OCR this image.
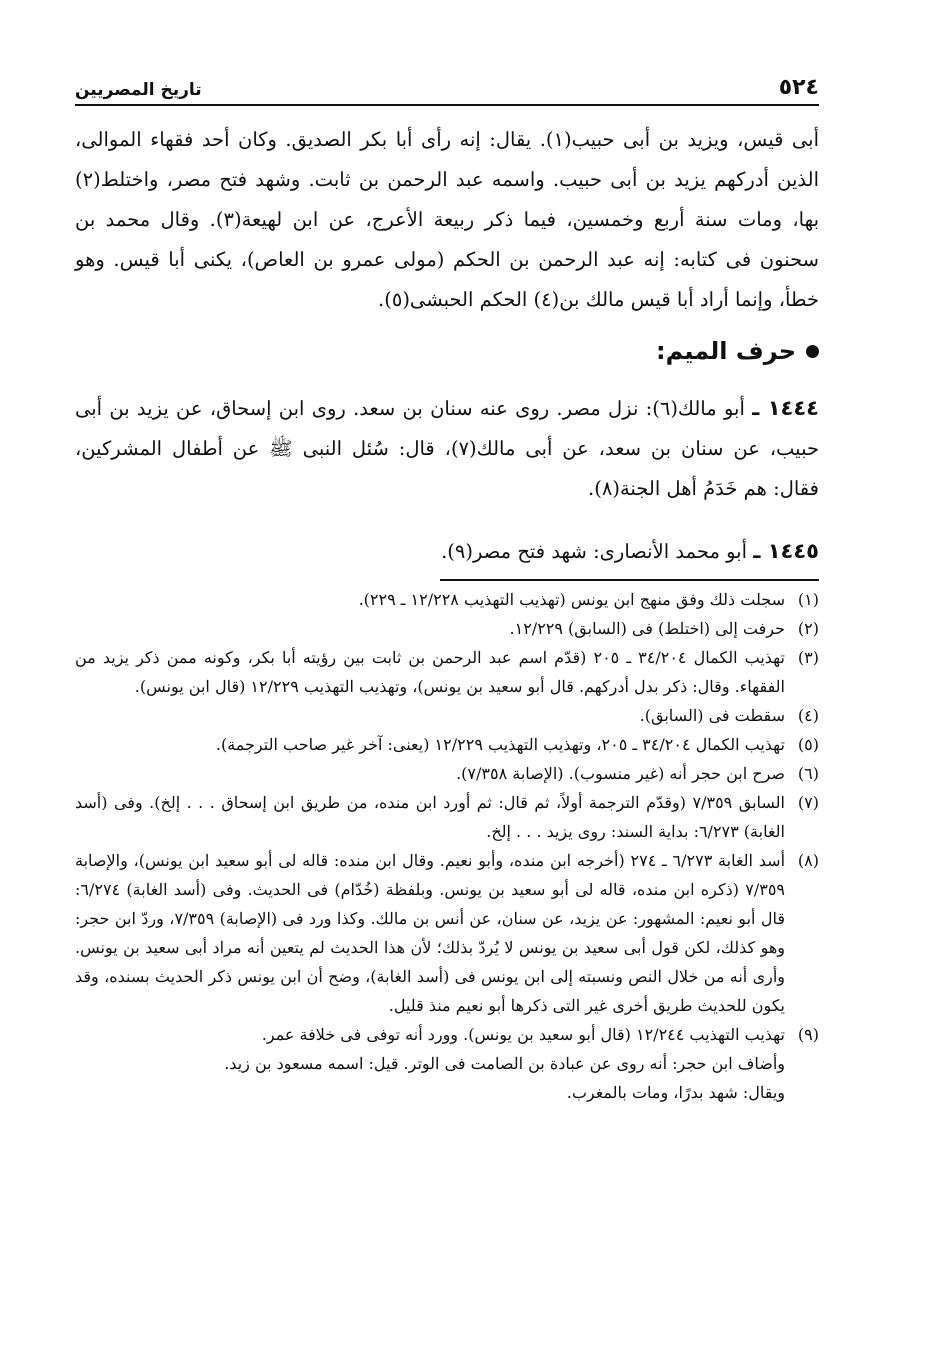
٥٢٤
تاريخ المصريين

أبى قيس، ويزيد بن أبى حبيب(١). يقال: إنه رأى أبا بكر الصديق. وكان أحد فقهاء الموالى، الذين أدركهم يزيد بن أبى حبيب. واسمه عبد الرحمن بن ثابت. وشهد فتح مصر، واختلط(٢) بها، ومات سنة أربع وخمسين، فيما ذكر ربيعة الأعرج، عن ابن لهيعة(٣). وقال محمد بن سحنون فى كتابه: إنه عبد الرحمن بن الحكم (مولى عمرو بن العاص)، يكنى أبا قيس. وهو خطأ، وإنما أراد أبا قيس مالك بن(٤) الحكم الحبشى(٥).

حرف الميم:
١٤٤٤ ـ أبو مالك(٦): نزل مصر. روى عنه سنان بن سعد. روى ابن إسحاق، عن يزيد بن أبى حبيب، عن سنان بن سعد، عن أبى مالك(٧)، قال: سُئل النبى ﷺ عن أطفال المشركين، فقال: هم خَدَمُ أهل الجنة(٨).
١٤٤٥ ـ أبو محمد الأنصارى: شهد فتح مصر(٩).
(١)

سجلت ذلك وفق منهج ابن يونس (تهذيب التهذيب ١٢/٢٢٨ ـ ٢٢٩).

(٢)

حرفت إلى (اختلط) فى (السابق) ١٢/٢٢٩.

(٣)

تهذيب الكمال ٣٤/٢٠٤ ـ ٢٠٥ (قدّم اسم عبد الرحمن بن ثابت بين رؤيته أبا بكر، وكونه ممن ذكر يزيد من الفقهاء. وقال: ذكر بدل أدركهم. قال أبو سعيد بن يونس)، وتهذيب التهذيب ١٢/٢٢٩ (قال ابن يونس).

(٤)

سقطت فى (السابق).

(٥)

تهذيب الكمال ٣٤/٢٠٤ ـ ٢٠٥، وتهذيب التهذيب ١٢/٢٢٩ (يعنى: آخر غير صاحب الترجمة).

(٦)

صرح ابن حجر أنه (غير منسوب). (الإصابة ٧/٣٥٨).

(٧)

السابق ٧/٣٥٩ (وقدّم الترجمة أولاً، ثم قال: ثم أورد ابن منده، من طريق ابن إسحاق . . . إلخ). وفى (أسد الغابة) ٦/٢٧٣: بداية السند: روى يزيد . . . إلخ.

(٨)

أسد الغابة ٦/٢٧٣ ـ ٢٧٤ (أخرجه ابن منده، وأبو نعيم. وقال ابن منده: قاله لى أبو سعيد ابن يونس)، والإصابة ٧/٣٥٩ (ذكره ابن منده، قاله لى أبو سعيد بن يونس. وبلفظة (خُدّام) فى الحديث. وفى (أسد الغابة) ٦/٢٧٤: قال أبو نعيم: المشهور: عن يزيد، عن سنان، عن أنس بن مالك. وكذا ورد فى (الإصابة) ٧/٣٥٩، وردّ ابن حجر: وهو كذلك، لكن قول أبى سعيد بن يونس لا يُردّ بذلك؛ لأن هذا الحديث لم يتعين أنه مراد أبى سعيد بن يونس. وأرى أنه من خلال النص ونسبته إلى ابن يونس فى (أسد الغابة)، وضح أن ابن يونس ذكر الحديث بسنده، وقد يكون للحديث طريق أخرى غير التى ذكرها أبو نعيم منذ قليل.

(٩)

تهذيب التهذيب ١٢/٢٤٤ (قال أبو سعيد بن يونس). وورد أنه توفى فى خلافة عمر.

وأضاف ابن حجر: أنه روى عن عبادة بن الصامت فى الوتر. قيل: اسمه مسعود بن زيد.

ويقال: شهد بدرًا، ومات بالمغرب.
